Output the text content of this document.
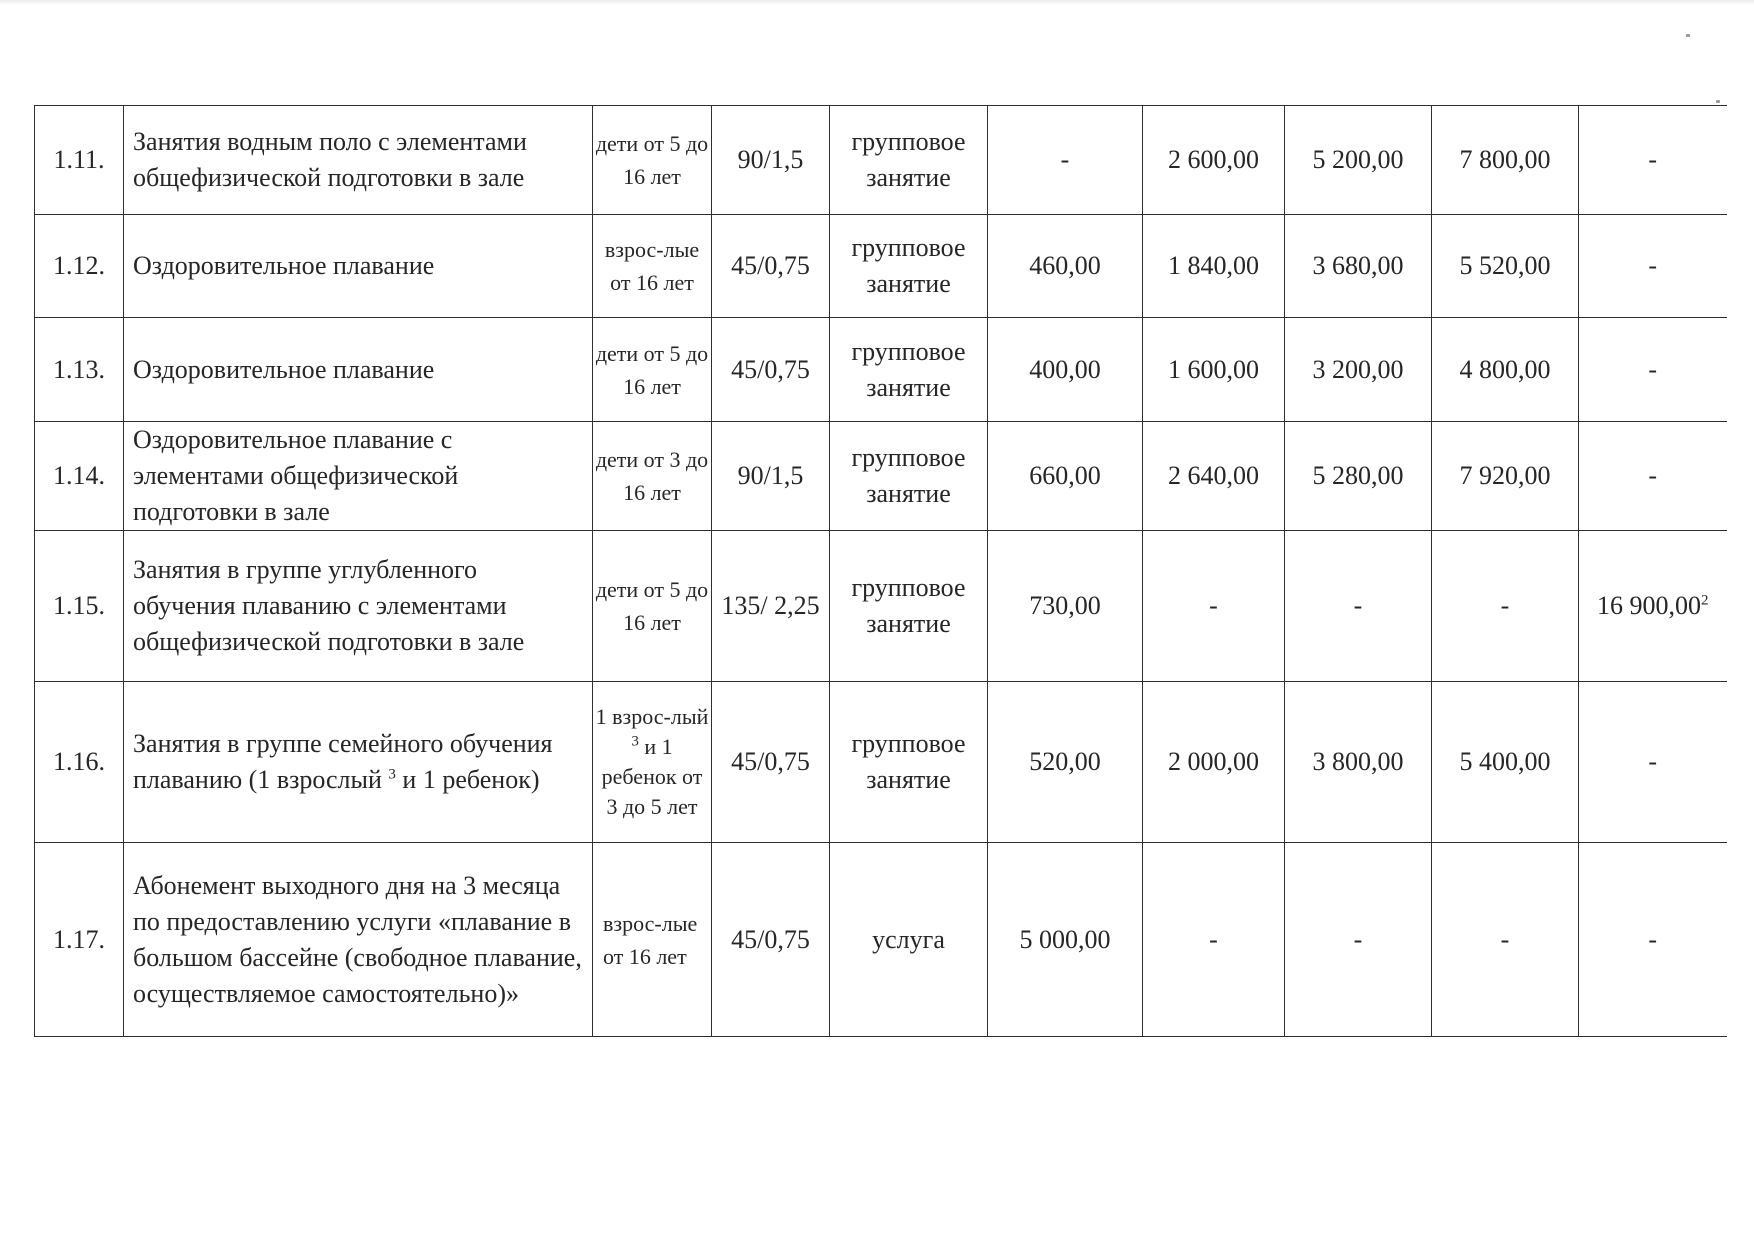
1.11.	Занятия водным поло с элементами общефизической подготовки в зале	дети от 5 до 16 лет	90/1,5	групповое занятие	-	2 600,00	5 200,00	7 800,00	-
1.12.	Оздоровительное плавание	взрос-лые от 16 лет	45/0,75	групповое занятие	460,00	1 840,00	3 680,00	5 520,00	-
1.13.	Оздоровительное плавание	дети от 5 до 16 лет	45/0,75	групповое занятие	400,00	1 600,00	3 200,00	4 800,00	-
1.14.	Оздоровительное плавание с элементами общефизической подготовки в зале	дети от 3 до 16 лет	90/1,5	групповое занятие	660,00	2 640,00	5 280,00	7 920,00	-
1.15.	Занятия в группе углубленного обучения плаванию с элементами общефизической подготовки в зале	дети от 5 до 16 лет	135/ 2,25	групповое занятие	730,00	-	-	-	16 900,00$^2$
1.16.	Занятия в группе семейного обучения плаванию (1 взрослый $^3$ и 1 ребенок)	1 взрос-лый $^3$ и 1 ребенок от 3 до 5 лет	45/0,75	групповое занятие	520,00	2 000,00	3 800,00	5 400,00	-
1.17.	Абонемент выходного дня на 3 месяца по предоставлению услуги «плавание в большом бассейне (свободное плавание, осуществляемое самостоятельно)»	взрос-лые от 16 лет	45/0,75	услуга	5 000,00	-	-	-	-
